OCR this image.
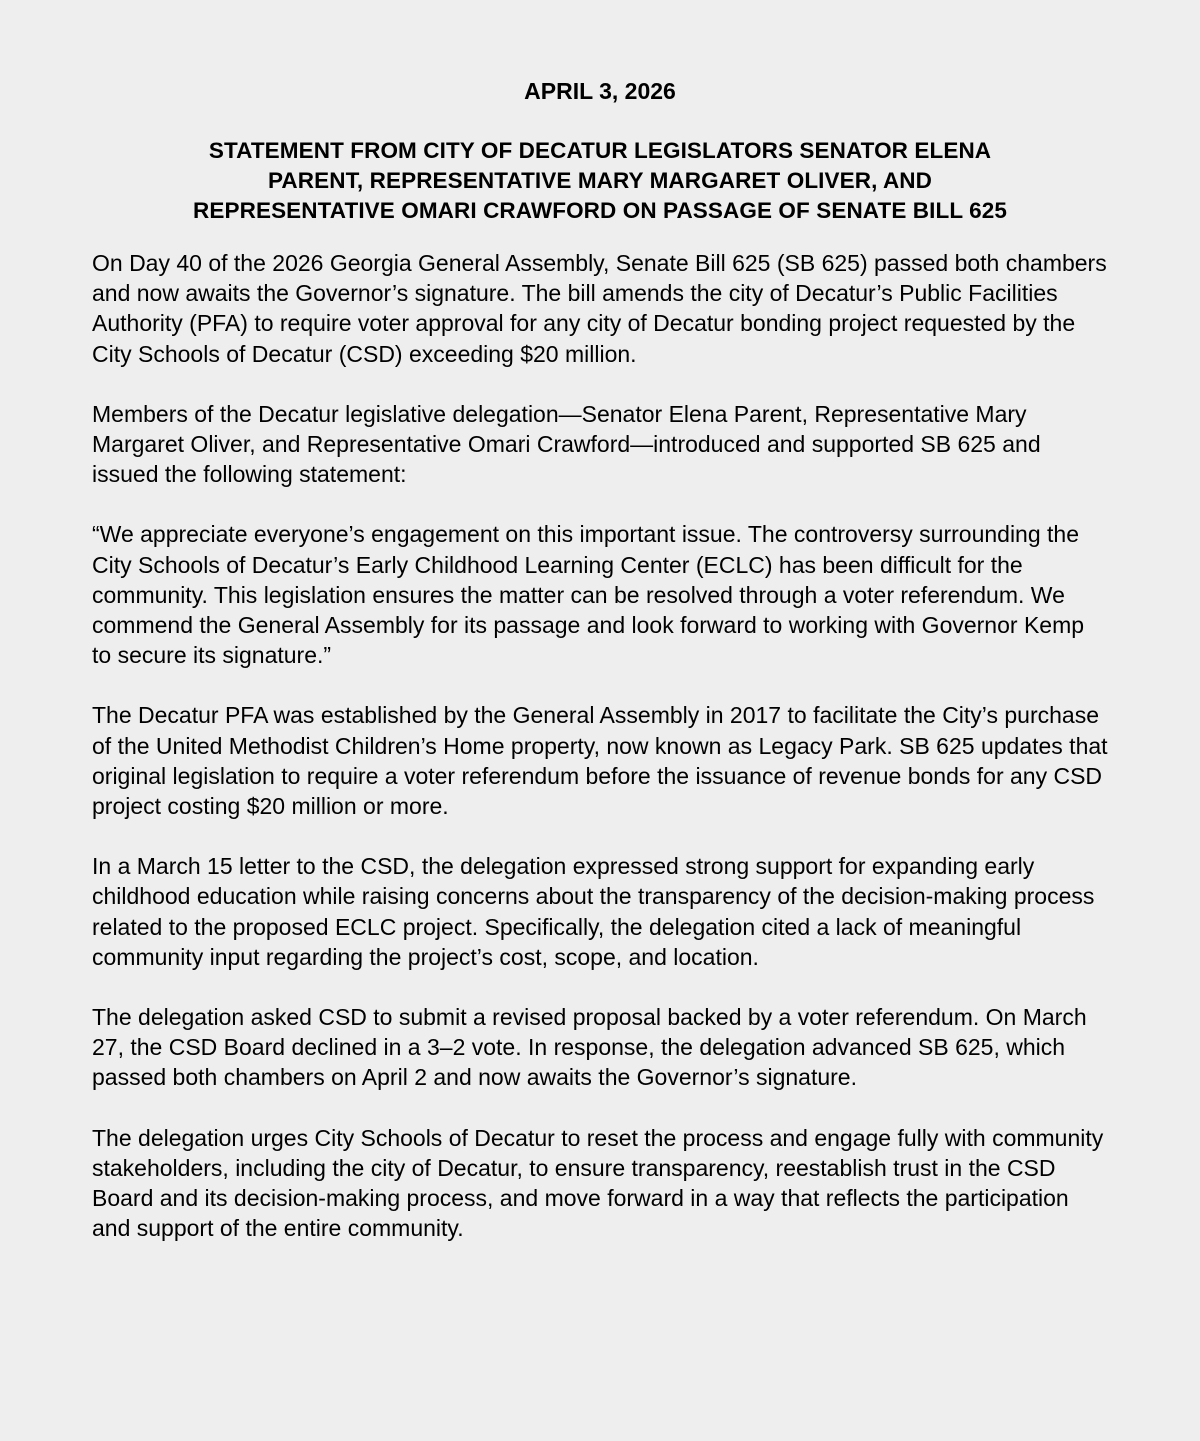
APRIL 3, 2026
STATEMENT FROM CITY OF DECATUR LEGISLATORS SENATOR ELENA
PARENT, REPRESENTATIVE MARY MARGARET OLIVER, AND
REPRESENTATIVE OMARI CRAWFORD ON PASSAGE OF SENATE BILL 625

On Day 40 of the 2026 Georgia General Assembly, Senate Bill 625 (SB 625) passed both chambers and now awaits the Governor’s signature. The bill amends the city of Decatur’s Public Facilities Authority (PFA) to require voter approval for any city of Decatur bonding project requested by the City Schools of Decatur (CSD) exceeding $20 million.

Members of the Decatur legislative delegation—Senator Elena Parent, Representative Mary Margaret Oliver, and Representative Omari Crawford—introduced and supported SB 625 and issued the following statement:

“We appreciate everyone’s engagement on this important issue. The controversy surrounding the City Schools of Decatur’s Early Childhood Learning Center (ECLC) has been difficult for the community. This legislation ensures the matter can be resolved through a voter referendum. We commend the General Assembly for its passage and look forward to working with Governor Kemp to secure its signature.”

The Decatur PFA was established by the General Assembly in 2017 to facilitate the City’s purchase of the United Methodist Children’s Home property, now known as Legacy Park. SB 625 updates that original legislation to require a voter referendum before the issuance of revenue bonds for any CSD project costing $20 million or more.

In a March 15 letter to the CSD, the delegation expressed strong support for expanding early childhood education while raising concerns about the transparency of the decision-making process related to the proposed ECLC project. Specifically, the delegation cited a lack of meaningful community input regarding the project’s cost, scope, and location.

The delegation asked CSD to submit a revised proposal backed by a voter referendum. On March 27, the CSD Board declined in a 3–2 vote. In response, the delegation advanced SB 625, which passed both chambers on April 2 and now awaits the Governor’s signature.

The delegation urges City Schools of Decatur to reset the process and engage fully with community stakeholders, including the city of Decatur, to ensure transparency, reestablish trust in the CSD Board and its decision-making process, and move forward in a way that reflects the participation and support of the entire community.
